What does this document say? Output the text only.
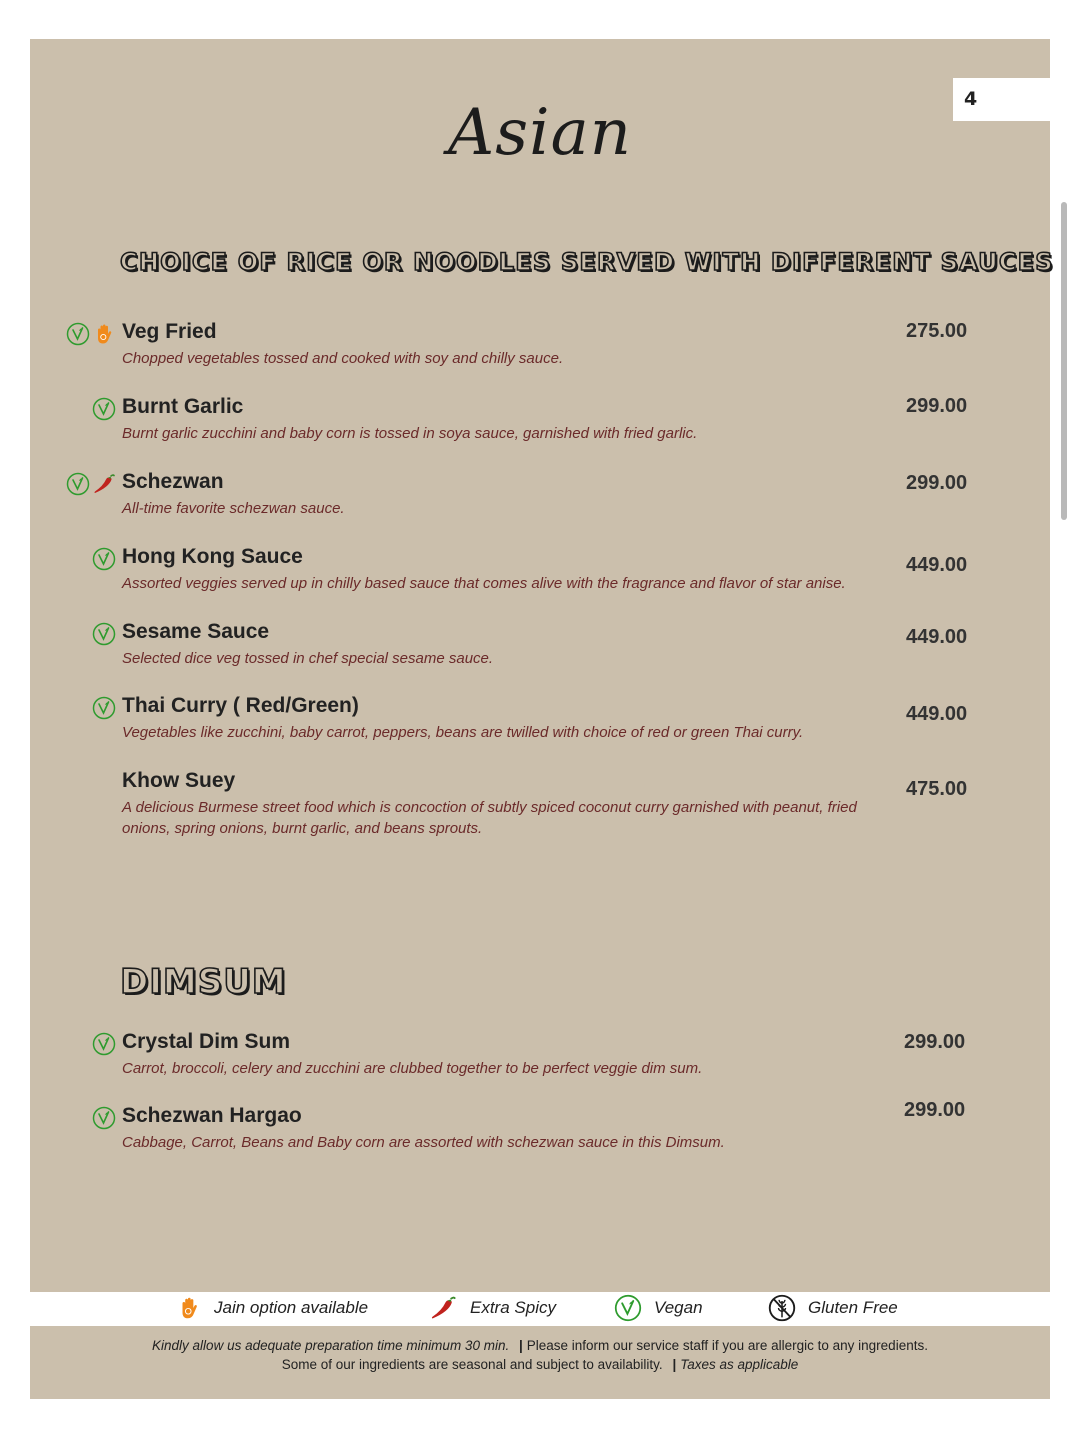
4
Asian
CHOICE OF RICE OR NOODLES SERVED WITH DIFFERENT SAUCES
Veg Fried
Chopped vegetables tossed and cooked with soy and chilly sauce.
275.00
Burnt Garlic
Burnt garlic zucchini and baby corn is tossed in soya sauce, garnished with fried garlic.
299.00
Schezwan
All-time favorite schezwan sauce.
299.00
Hong Kong Sauce
Assorted veggies served up in chilly based sauce that comes alive with the fragrance and flavor of star anise.
449.00
Sesame Sauce
Selected dice veg tossed in chef special sesame sauce.
449.00
Thai Curry ( Red/Green)
Vegetables like zucchini, baby carrot, peppers, beans are twilled with choice of red or green Thai curry.
449.00
Khow Suey
A delicious Burmese street food which is concoction of subtly spiced coconut curry garnished with peanut, fried onions, spring onions, burnt garlic, and beans sprouts.
475.00
DIMSUM
Crystal Dim Sum
Carrot, broccoli, celery and zucchini are clubbed together to be perfect veggie dim sum.
299.00
Schezwan Hargao
Cabbage, Carrot, Beans and Baby corn are assorted with schezwan sauce in this Dimsum.
299.00
Jain option available	Extra Spicy	Vegan	Gluten Free
Kindly allow us adequate preparation time minimum 30 min. | Please inform our service staff if you are allergic to any ingredients.
Some of our ingredients are seasonal and subject to availability. | Taxes as applicable
